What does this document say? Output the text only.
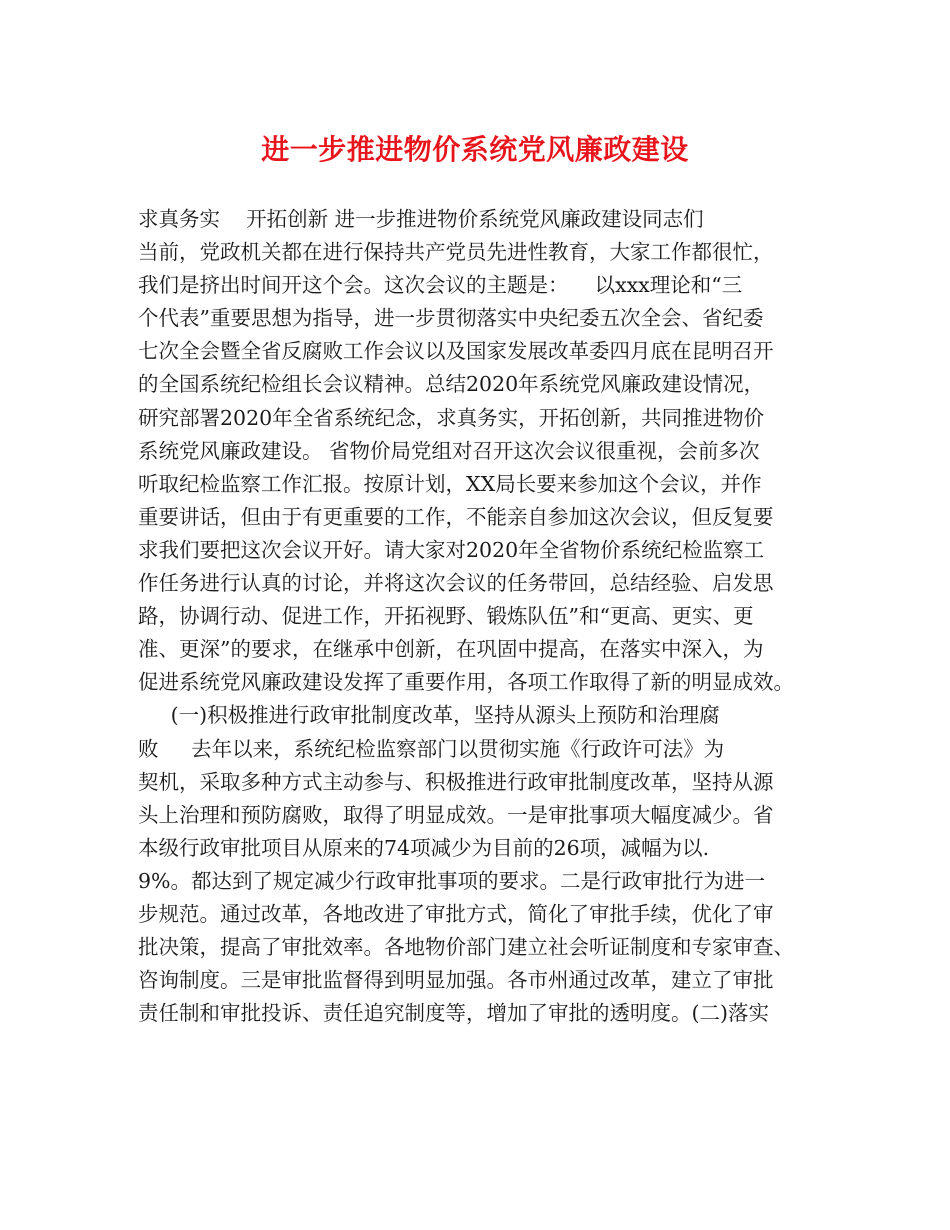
进一步推进物价系统党风廉政建设
求真务实    开拓创新 进一步推进物价系统党风廉政建设同志们
当前，党政机关都在进行保持共产党员先进性教育，大家工作都很忙，
我们是挤出时间开这个会。这次会议的主题是：    以xxx理论和“三
个代表”重要思想为指导，进一步贯彻落实中央纪委五次全会、省纪委
七次全会暨全省反腐败工作会议以及国家发展改革委四月底在昆明召开
的全国系统纪检组长会议精神。总结2020年系统党风廉政建设情况，
研究部署2020年全省系统纪念，求真务实，开拓创新，共同推进物价
系统党风廉政建设。 省物价局党组对召开这次会议很重视，会前多次
听取纪检监察工作汇报。按原计划，XX局长要来参加这个会议，并作
重要讲话，但由于有更重要的工作，不能亲自参加这次会议，但反复要
求我们要把这次会议开好。请大家对2020年全省物价系统纪检监察工
作任务进行认真的讨论，并将这次会议的任务带回，总结经验、启发思
路，协调行动、促进工作，开拓视野、锻炼队伍”和“更高、更实、更
准、更深”的要求，在继承中创新，在巩固中提高，在落实中深入，为
促进系统党风廉政建设发挥了重要作用，各项工作取得了新的明显成效。
(一)积极推进行政审批制度改革，坚持从源头上预防和治理腐
败     去年以来，系统纪检监察部门以贯彻实施《行政许可法》为
契机，采取多种方式主动参与、积极推进行政审批制度改革，坚持从源
头上治理和预防腐败，取得了明显成效。一是审批事项大幅度减少。省
本级行政审批项目从原来的74项减少为目前的26项，减幅为以.
9%。都达到了规定减少行政审批事项的要求。二是行政审批行为进一
步规范。通过改革，各地改进了审批方式，简化了审批手续，优化了审
批决策，提高了审批效率。各地物价部门建立社会听证制度和专家审查、
咨询制度。三是审批监督得到明显加强。各市州通过改革，建立了审批
责任制和审批投诉、责任追究制度等，增加了审批的透明度。(二)落实
